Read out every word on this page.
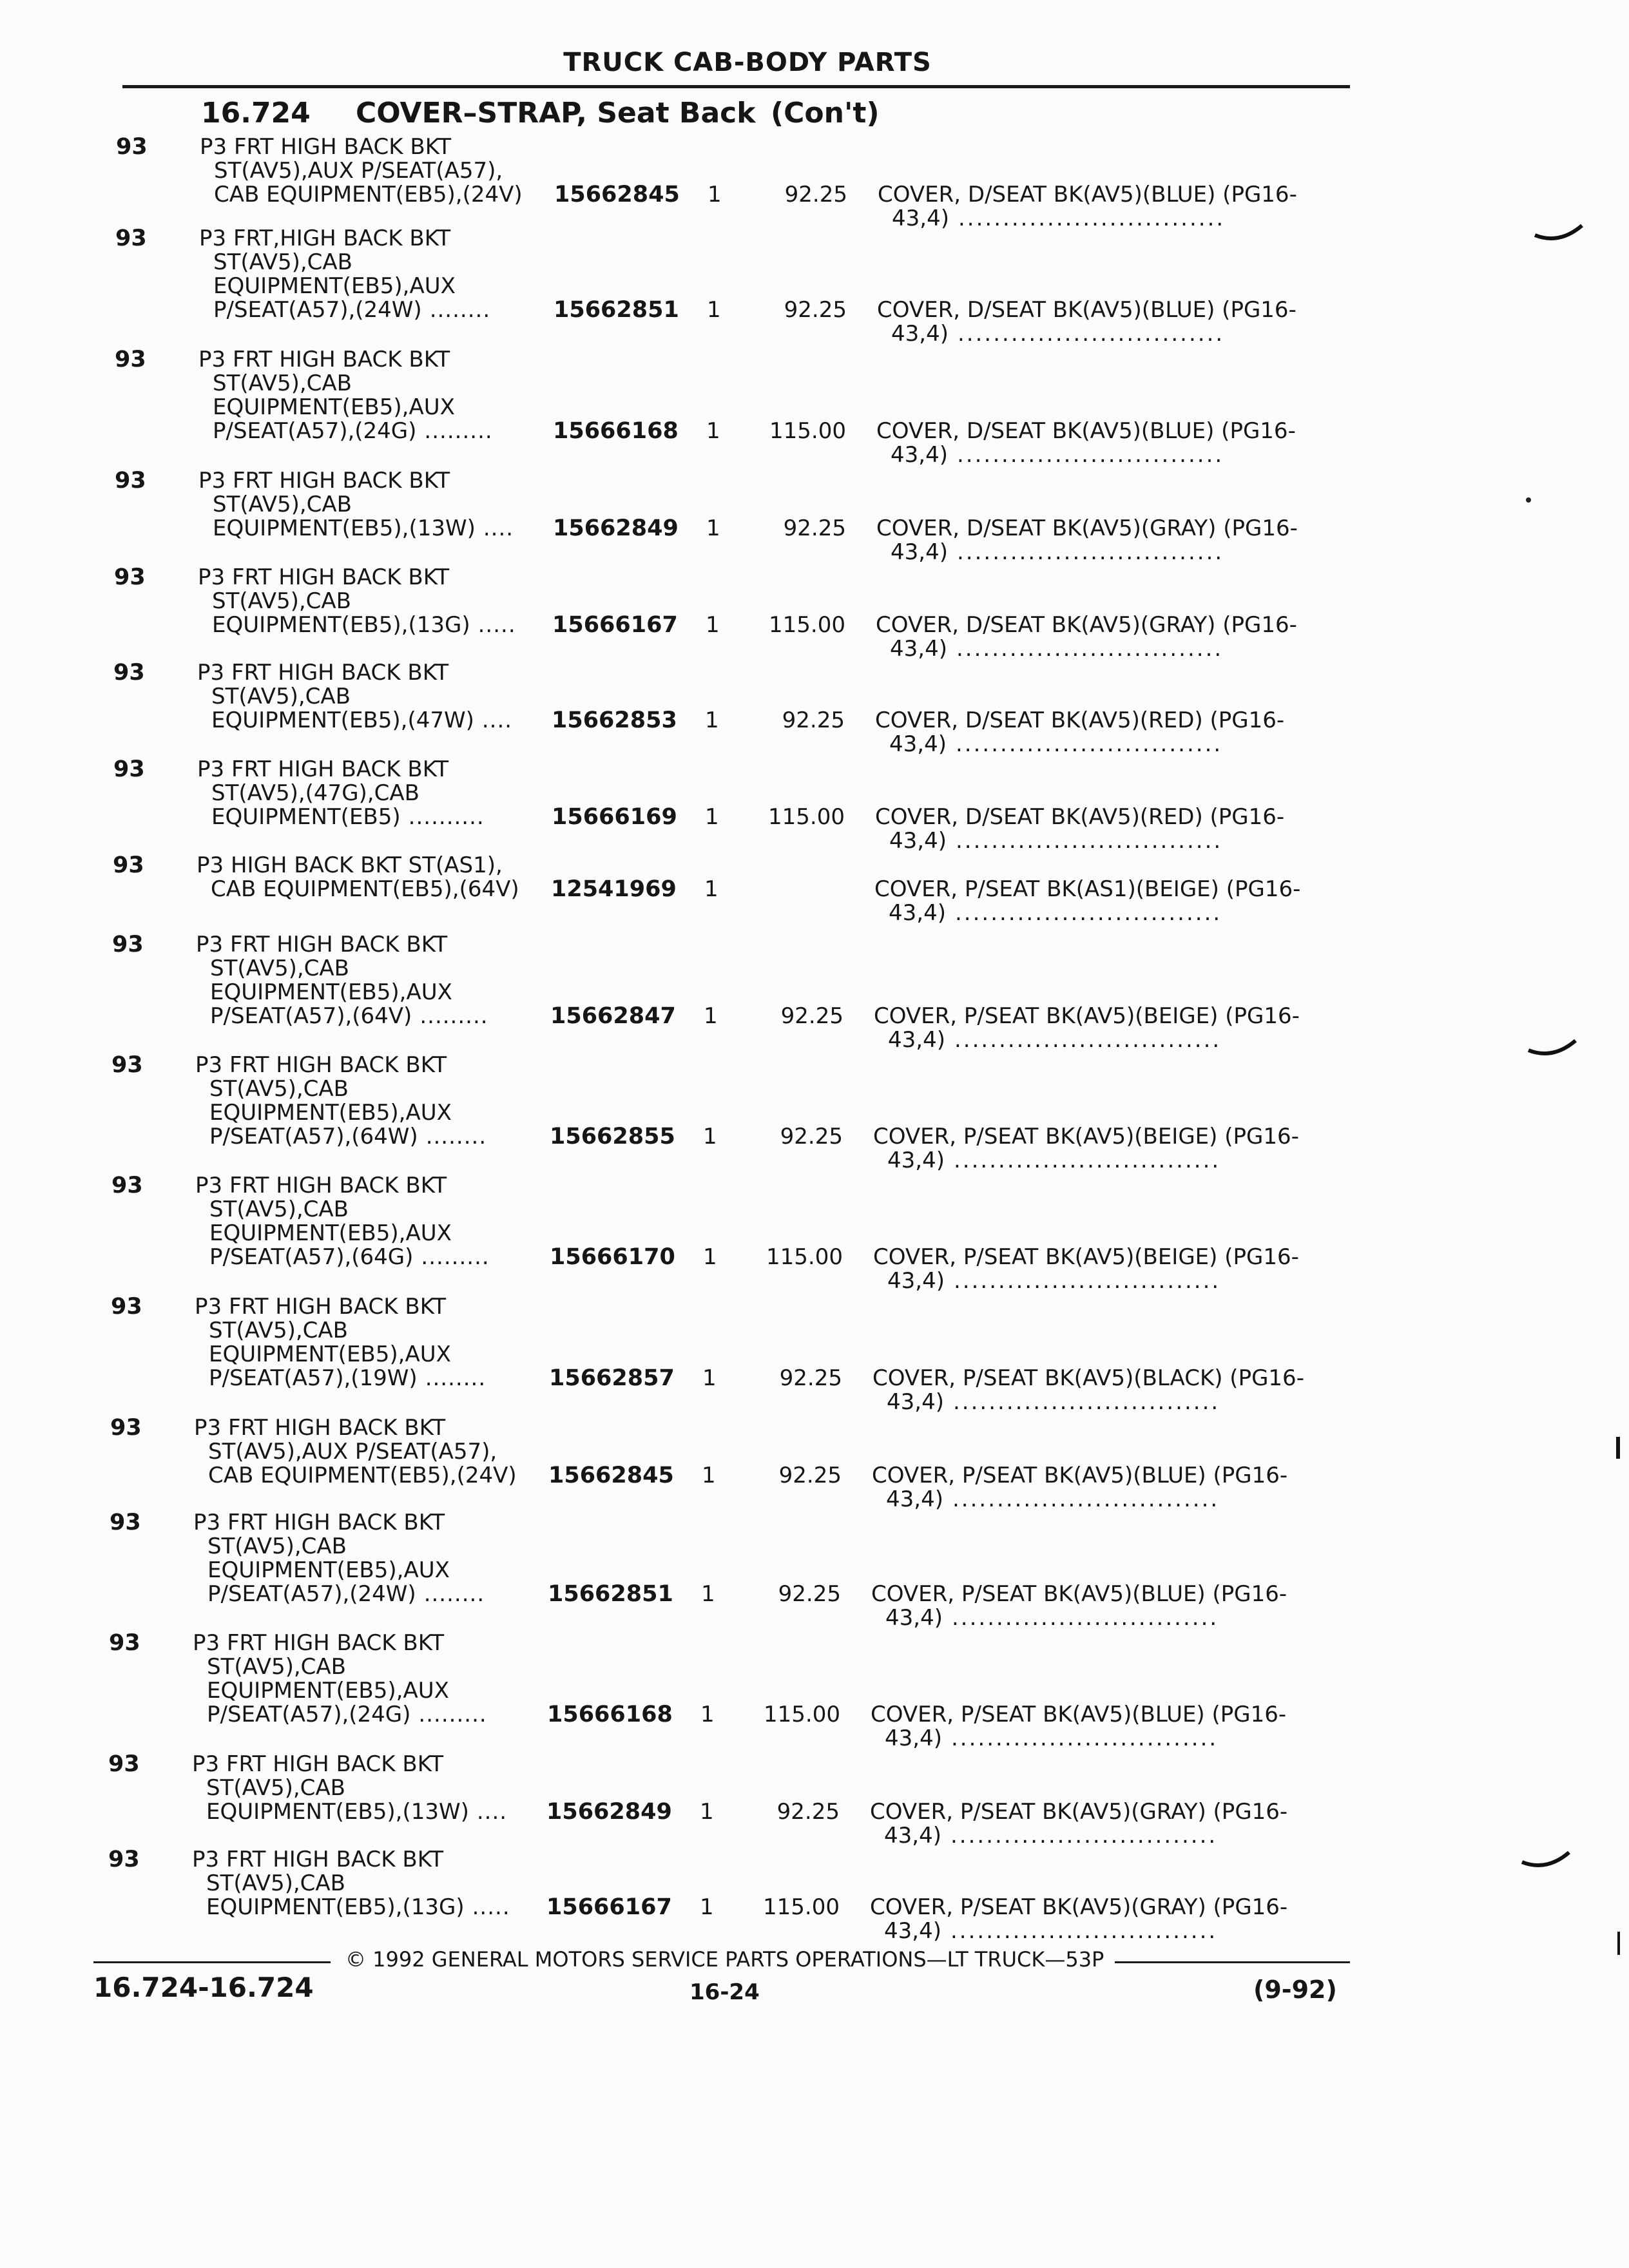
TRUCK CAB-BODY PARTS
16.724 COVER–STRAP, Seat Back (Con't)
93 P3 FRT HIGH BACK BKT
ST(AV5),AUX P/SEAT(A57),
CAB EQUIPMENT(EB5),(24V) 15662845 1	92.25 COVER, D/SEAT BK(AV5)(BLUE) (PG16-
43,4) ..............................
93 P3 FRT,HIGH BACK BKT
ST(AV5),CAB
EQUIPMENT(EB5),AUX
P/SEAT(A57),(24W) ........	15662851 1	92.25 COVER, D/SEAT BK(AV5)(BLUE) (PG16-
43,4) ..............................
93 P3 FRT HIGH BACK BKT
ST(AV5),CAB
EQUIPMENT(EB5),AUX
P/SEAT(A57),(24G) .........	15666168 1 115.00 COVER, D/SEAT BK(AV5)(BLUE) (PG16-
43,4) ..............................
93 P3 FRT HIGH BACK BKT
ST(AV5),CAB
EQUIPMENT(EB5),(13W) .... 15662849 1	92.25 COVER, D/SEAT BK(AV5)(GRAY) (PG16-
43,4) ..............................
93 P3 FRT HIGH BACK BKT
ST(AV5),CAB
EQUIPMENT(EB5),(13G) ..... 15666167 1 115.00 COVER, D/SEAT BK(AV5)(GRAY) (PG16-
43,4) ..............................
93 P3 FRT HIGH BACK BKT
ST(AV5),CAB
EQUIPMENT(EB5),(47W) .... 15662853 1	92.25 COVER, D/SEAT BK(AV5)(RED) (PG16-
43,4) ..............................
93 P3 FRT HIGH BACK BKT
ST(AV5),(47G),CAB
EQUIPMENT(EB5) ..........	15666169 1 115.00 COVER, D/SEAT BK(AV5)(RED) (PG16-
43,4) ..............................
93 P3 HIGH BACK BKT ST(AS1),
CAB EQUIPMENT(EB5),(64V) 12541969 1	COVER, P/SEAT BK(AS1)(BEIGE) (PG16-
43,4) ..............................
93 P3 FRT HIGH BACK BKT
ST(AV5),CAB
EQUIPMENT(EB5),AUX
P/SEAT(A57),(64V) .........	15662847 1	92.25 COVER, P/SEAT BK(AV5)(BEIGE) (PG16-
43,4) ..............................
93 P3 FRT HIGH BACK BKT
ST(AV5),CAB
EQUIPMENT(EB5),AUX
P/SEAT(A57),(64W) ........	15662855 1	92.25 COVER, P/SEAT BK(AV5)(BEIGE) (PG16-
43,4) ..............................
93 P3 FRT HIGH BACK BKT
ST(AV5),CAB
EQUIPMENT(EB5),AUX
P/SEAT(A57),(64G) .........	15666170 1 115.00 COVER, P/SEAT BK(AV5)(BEIGE) (PG16-
43,4) ..............................
93 P3 FRT HIGH BACK BKT
ST(AV5),CAB
EQUIPMENT(EB5),AUX
P/SEAT(A57),(19W) ........	15662857 1	92.25 COVER, P/SEAT BK(AV5)(BLACK) (PG16-
43,4) ..............................
93 P3 FRT HIGH BACK BKT
ST(AV5),AUX P/SEAT(A57),
CAB EQUIPMENT(EB5),(24V) 15662845 1	92.25 COVER, P/SEAT BK(AV5)(BLUE) (PG16-
43,4) ..............................
93 P3 FRT HIGH BACK BKT
ST(AV5),CAB
EQUIPMENT(EB5),AUX
P/SEAT(A57),(24W) ........	15662851 1	92.25 COVER, P/SEAT BK(AV5)(BLUE) (PG16-
43,4) ..............................
93 P3 FRT HIGH BACK BKT
ST(AV5),CAB
EQUIPMENT(EB5),AUX
P/SEAT(A57),(24G) .........	15666168 1 115.00 COVER, P/SEAT BK(AV5)(BLUE) (PG16-
43,4) ..............................
93 P3 FRT HIGH BACK BKT
ST(AV5),CAB
EQUIPMENT(EB5),(13W) .... 15662849 1	92.25 COVER, P/SEAT BK(AV5)(GRAY) (PG16-
43,4) ..............................
93 P3 FRT HIGH BACK BKT
ST(AV5),CAB
EQUIPMENT(EB5),(13G) ..... 15666167 1 115.00 COVER, P/SEAT BK(AV5)(GRAY) (PG16-
43,4) ..............................
© 1992 GENERAL MOTORS SERVICE PARTS OPERATIONS—LT TRUCK—53P
16.724-16.724	16-24	(9-92)
